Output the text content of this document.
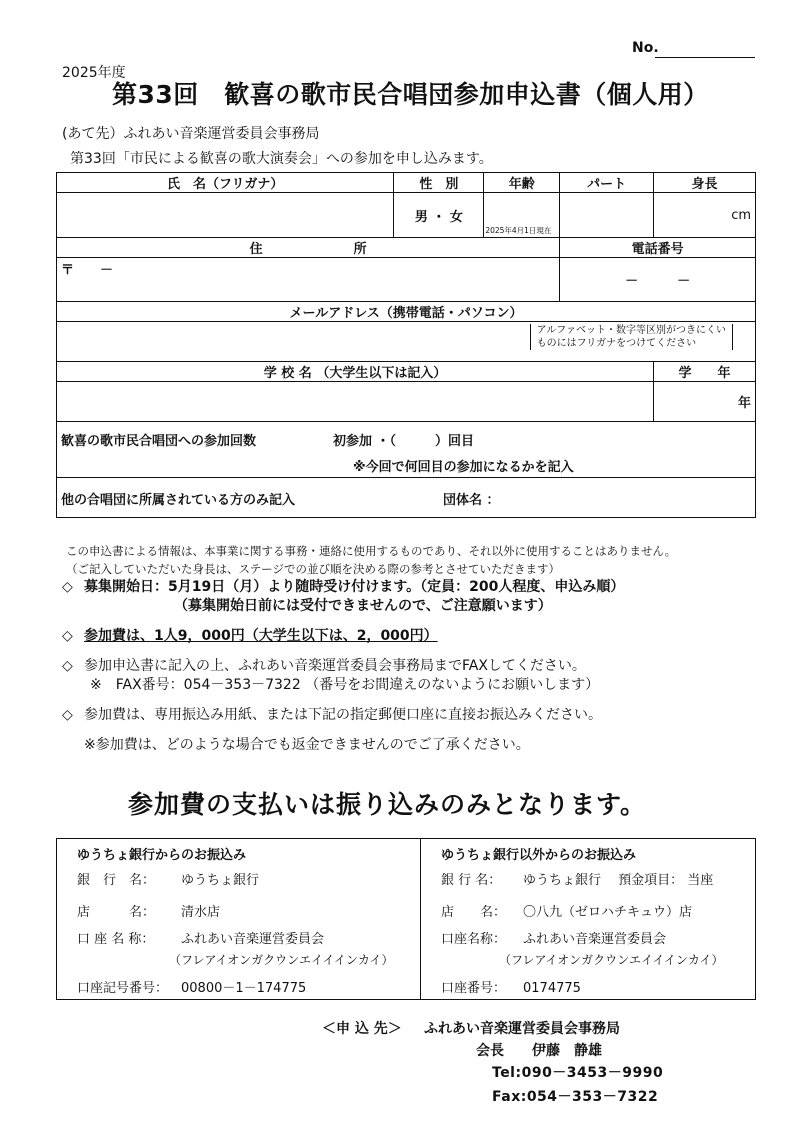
No.
2025年度
第33回　歓喜の歌市民合唱団参加申込書（個人用）
(あて先）ふれあい音楽運営委員会事務局
第33回「市民による歓喜の歌大演奏会」への参加を申し込みます。
氏　名（フリガナ）	性　別	年齢	パート	身長
	男 ・ 女	2025年4月1日現在		cm
住　　　　　　　所			電話番号	
〒　　－			－　　　－	
メールアドレス（携帯電話・パソコン）				

アルファベット・数字等区別がつきにくい
ものにはフリガナをつけてください				

学 校 名 （大学生以下は記入）				学　　年
				年

歓喜の歌市民合唱団への参加回数 初参加 ・（　　　）回目
※今回で何回目の参加になるかを記入				

他の合唱団に所属されている方のみ記入 団体名 ：				
この申込書による情報は、本事業に関する事務・連絡に使用するものであり、それ以外に使用することはありません。
（ご記入していただいた身長は、ステージでの並び順を決める際の参考とさせていただきます）
◇ 募集開始日：5月19日（月）より随時受け付けます。（定員：200人程度、申込み順）
（募集開始日前には受付できませんので、ご注意願います）
◇ 参加費は、1人9，000円（大学生以下は、2，000円）
◇ 参加申込書に記入の上、ふれあい音楽運営委員会事務局までFAXしてください。
※　FAX番号：054－353－7322 （番号をお間違えのないようにお願いします）
◇ 参加費は、専用振込み用紙、または下記の指定郵便口座に直接お振込みください。
※参加費は、どのような場合でも返金できませんのでご了承ください。
参加費の支払いは振り込みのみとなります。
ゆうちょ銀行からのお振込み
銀　行　名： ゆうちょ銀行
店　　　名： 清水店
口 座 名 称： ふれあい音楽運営委員会
（フレアイオンガクウンエイイインカイ）
口座記号番号： 00800－1－174775
ゆうちょ銀行以外からのお振込み
銀 行 名： ゆうちょ銀行　 預金項目： 当座
店　　名： 〇八九（ゼロハチキュウ）店
口座名称： ふれあい音楽運営委員会
（フレアイオンガクウンエイイインカイ）
口座番号： 0174775
＜申 込 先＞ ふれあい音楽運営委員会事務局
会長　　伊藤　静雄
Tel:090－3453－9990
Fax:054－353－7322
